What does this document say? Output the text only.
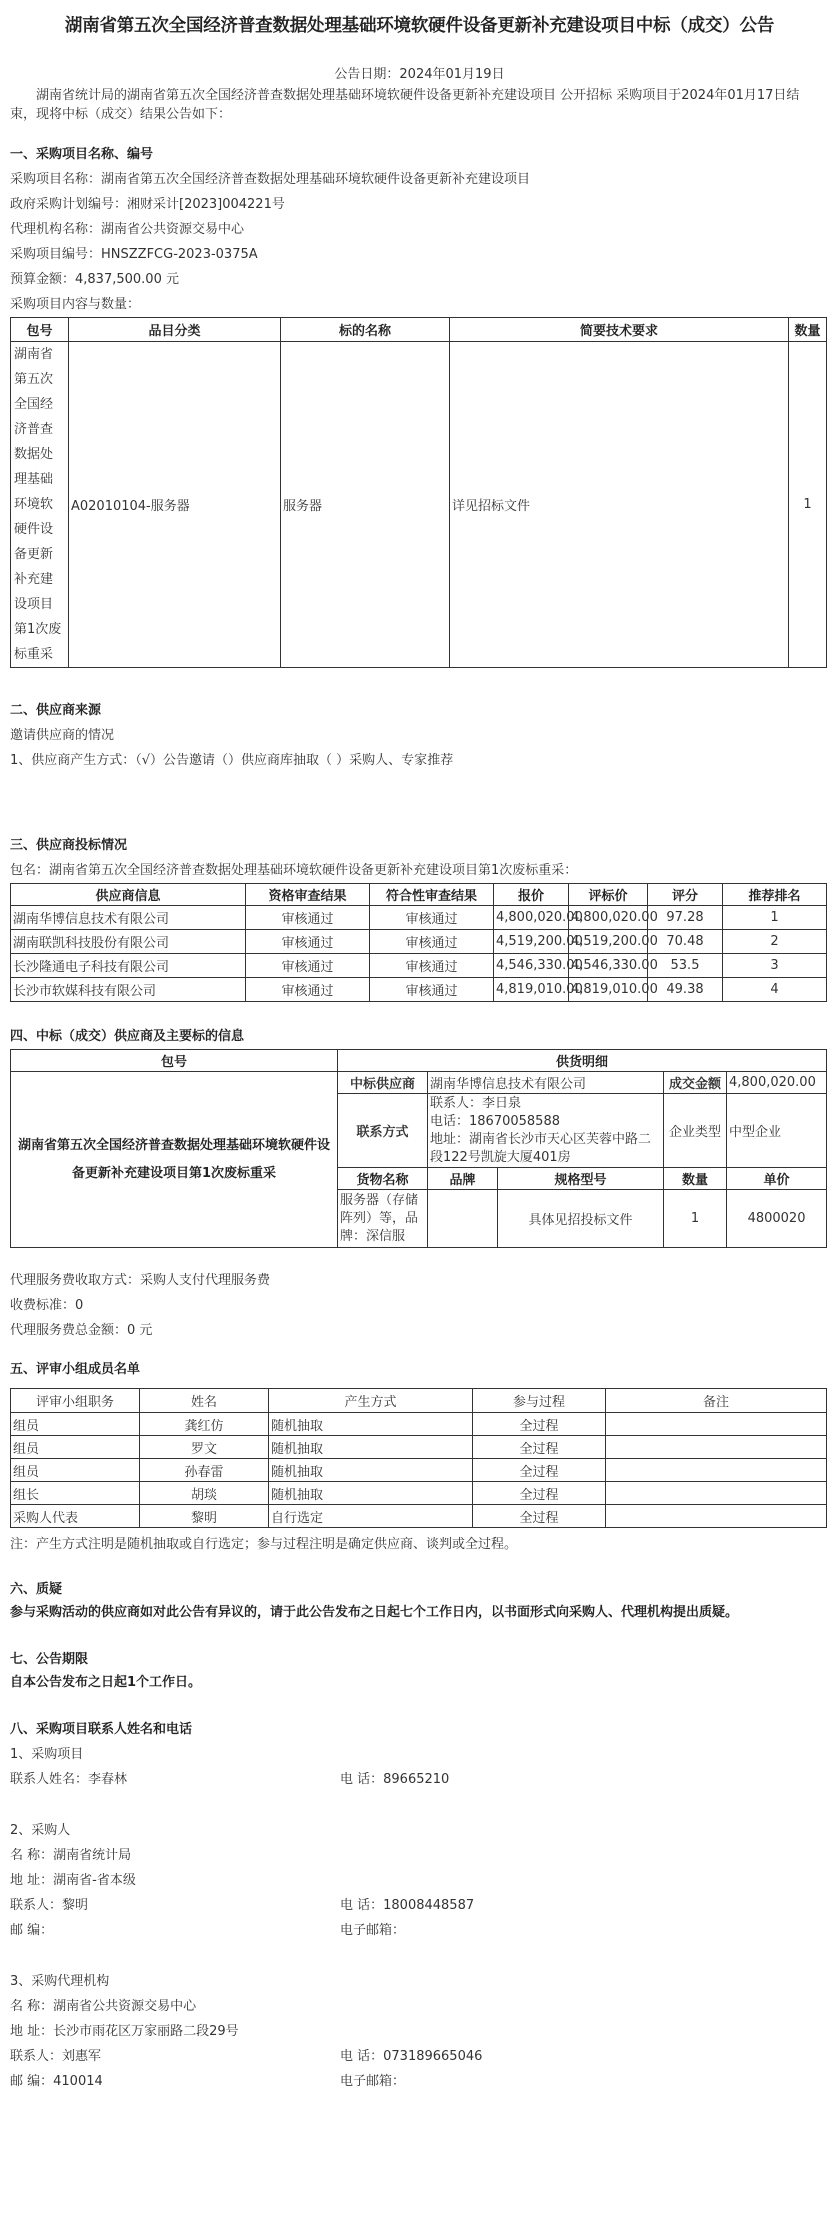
湖南省第五次全国经济普查数据处理基础环境软硬件设备更新补充建设项目中标（成交）公告
公告日期：2024年01月19日

湖南省统计局的湖南省第五次全国经济普查数据处理基础环境软硬件设备更新补充建设项目 公开招标 采购项目于2024年01月17日结束，现将中标（成交）结果公告如下：

一、采购项目名称、编号
采购项目名称：湖南省第五次全国经济普查数据处理基础环境软硬件设备更新补充建设项目
政府采购计划编号：湘财采计[2023]004221号
代理机构名称：湖南省公共资源交易中心
采购项目编号：HNSZZFCG-2023-0375A
预算金额：4,837,500.00 元
采购项目内容与数量：
包号	品目分类	标的名称	简要技术要求	数量
湖南省第五次全国经济普查数据处理基础环境软硬件设备更新补充建设项目第1次废标重采	A02010104-服务器	服务器	详见招标文件	1
二、供应商来源
邀请供应商的情况
1、供应商产生方式：（√）公告邀请（）供应商库抽取（ ）采购人、专家推荐
三、供应商投标情况
包名：湖南省第五次全国经济普查数据处理基础环境软硬件设备更新补充建设项目第1次废标重采：
供应商信息	资格审查结果	符合性审查结果	报价	评标价	评分	推荐排名
湖南华博信息技术有限公司	审核通过	审核通过	4,800,020.00	4,800,020.00	97.28	1
湖南联凯科技股份有限公司	审核通过	审核通过	4,519,200.00	4,519,200.00	70.48	2
长沙隆通电子科技有限公司	审核通过	审核通过	4,546,330.00	4,546,330.00	53.5	3
长沙市软媒科技有限公司	审核通过	审核通过	4,819,010.00	4,819,010.00	49.38	4
四、中标（成交）供应商及主要标的信息
包号	供货明细				
湖南省第五次全国经济普查数据处理基础环境软硬件设备更新补充建设项目第1次废标重采	中标供应商	湖南华博信息技术有限公司		成交金额	4,800,020.00
	联系方式	联系人：李日泉
电话：18670058588
地址：湖南省长沙市天心区芙蓉中路二段122号凯旋大厦401房		企业类型	中型企业
	货物名称	品牌	规格型号	数量	单价
	服务器（存储阵列）等，品牌：深信服		具体见招投标文件	1	4800020
代理服务费收取方式：采购人支付代理服务费
收费标准：0
代理服务费总金额：0 元
五、评审小组成员名单
评审小组职务	姓名	产生方式	参与过程	备注
组员	龚红仿	随机抽取	全过程	
组员	罗文	随机抽取	全过程	
组员	孙春雷	随机抽取	全过程	
组长	胡琰	随机抽取	全过程	
采购人代表	黎明	自行选定	全过程	
注：产生方式注明是随机抽取或自行选定；参与过程注明是确定供应商、谈判或全过程。
六、质疑
参与采购活动的供应商如对此公告有异议的，请于此公告发布之日起七个工作日内，以书面形式向采购人、代理机构提出质疑。
七、公告期限
自本公告发布之日起1个工作日。
八、采购项目联系人姓名和电话
1、采购项目
联系人姓名：李春林	电 话：89665210
2、采购人
名 称：湖南省统计局
地 址：湖南省-省本级
联系人：黎明	电 话：18008448587
邮 编：	电子邮箱：
3、采购代理机构
名 称：湖南省公共资源交易中心
地 址：长沙市雨花区万家丽路二段29号
联系人：刘惠军	电 话：073189665046
邮 编：410014	电子邮箱：
